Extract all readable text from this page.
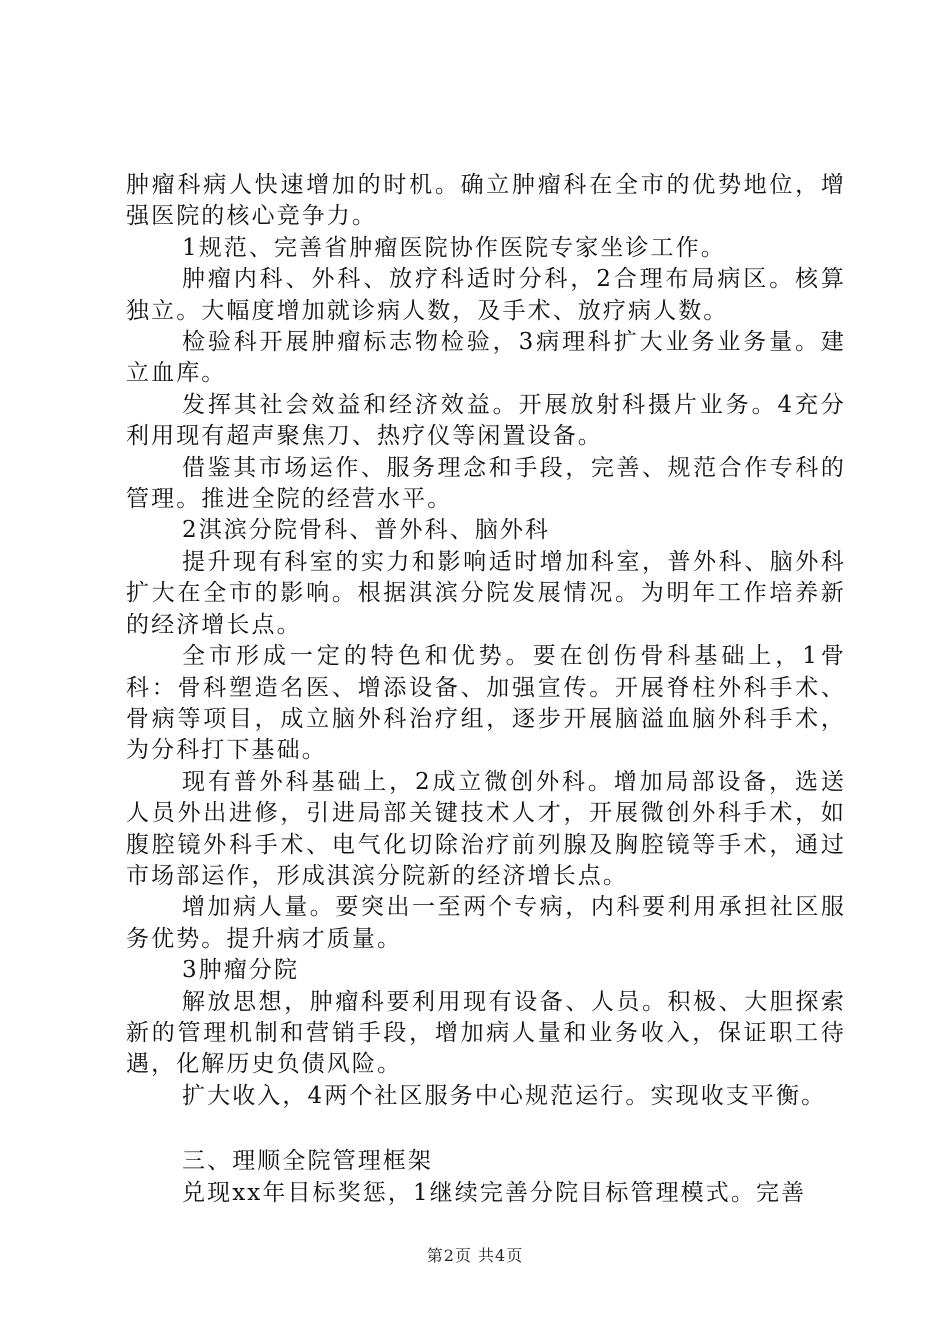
肿瘤科病人快速增加的时机。确立肿瘤科在全市的优势地位，增强医院的核心竞争力。

1规范、完善省肿瘤医院协作医院专家坐诊工作。

肿瘤内科、外科、放疗科适时分科，2合理布局病区。核算独立。大幅度增加就诊病人数，及手术、放疗病人数。

检验科开展肿瘤标志物检验，3病理科扩大业务业务量。建立血库。

发挥其社会效益和经济效益。开展放射科摄片业务。4充分利用现有超声聚焦刀、热疗仪等闲置设备。

借鉴其市场运作、服务理念和手段，完善、规范合作专科的管理。推进全院的经营水平。

2淇滨分院骨科、普外科、脑外科

提升现有科室的实力和影响适时增加科室，普外科、脑外科扩大在全市的影响。根据淇滨分院发展情况。为明年工作培养新的经济增长点。

全市形成一定的特色和优势。要在创伤骨科基础上，1骨科：骨科塑造名医、增添设备、加强宣传。开展脊柱外科手术、骨病等项目，成立脑外科治疗组，逐步开展脑溢血脑外科手术，为分科打下基础。

现有普外科基础上，2成立微创外科。增加局部设备，选送人员外出进修，引进局部关键技术人才，开展微创外科手术，如腹腔镜外科手术、电气化切除治疗前列腺及胸腔镜等手术，通过市场部运作，形成淇滨分院新的经济增长点。

增加病人量。要突出一至两个专病，内科要利用承担社区服务优势。提升病才质量。

3肿瘤分院

解放思想，肿瘤科要利用现有设备、人员。积极、大胆探索新的管理机制和营销手段，增加病人量和业务收入，保证职工待遇，化解历史负债风险。

扩大收入，4两个社区服务中心规范运行。实现收支平衡。

三、理顺全院管理框架

兑现xx年目标奖惩，1继续完善分院目标管理模式。完善

第2页 共4页
